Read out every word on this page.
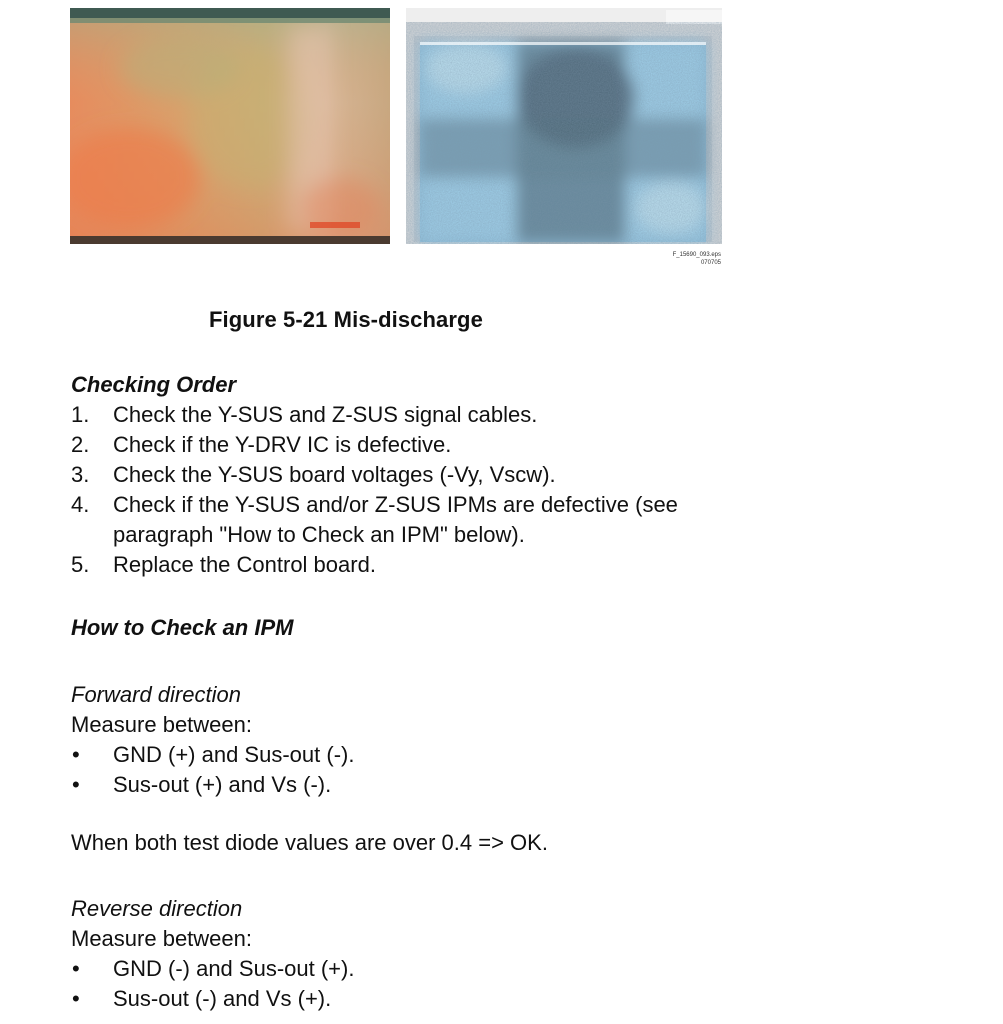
F_15690_093.eps
070705
Figure 5-21 Mis-discharge

Checking Order

1. Check the Y-SUS and Z-SUS signal cables.
2. Check if the Y-DRV IC is defective.
3. Check the Y-SUS board voltages (-Vy, Vscw).
4. Check if the Y-SUS and/or Z-SUS IPMs are defective (see
paragraph "How to Check an IPM" below).
5. Replace the Control board.

How to Check an IPM

Forward direction

Measure between:

• GND (+) and Sus-out (-).
• Sus-out (+) and Vs (-).

When both test diode values are over 0.4 => OK.

Reverse direction

Measure between:

• GND (-) and Sus-out (+).
• Sus-out (-) and Vs (+).
